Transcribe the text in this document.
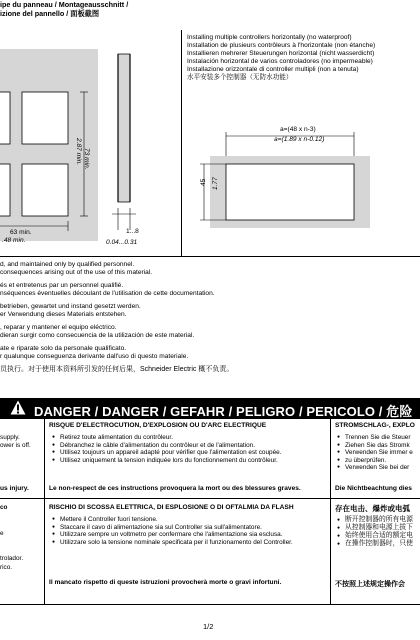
ipe du panneau / Montageausschnitt /
izione del pannello / 面板截图
73 min.
2.87 min.
63 min.
.48 min.
1...8
0.04...0.31
Installing multiple controllers horizontally (no waterproof)
Installation de plusieurs contrôleurs à l'horizontale (non étanche)
Installieren mehrerer Steuerungen horizontal (nicht wasserdicht)
Instalación horizontal de varios controladores (no impermeable)
Installazione orizzontale di controller multipli (non a tenuta)
水平安装多个控制器（无防水功能）
a=(48 x n-3)
a=(1.89 x n-0.12)
45 1.77
d, and maintained only by qualified personnel.
consequences arising out of the use of this material.
és et entretenus par un personnel qualifié.
nséquences éventuelles découlant de l'utilisation de cette documentation.
betrieben, gewartet und instand gesetzt werden.
er Verwendung dieses Materials entstehen.
, reparar y mantener el equipo eléctrico.
dieran surgir como consecuencia de la utilización de este material.
ate e riparate solo da personale qualificato.
r qualunque conseguenza derivante dall'uso di questo materiale.
员执行。对于使用本资料所引发的任何后果，Schneider Electric 概不负责。
DANGER / DANGER / GEFAHR / PELIGRO / PERICOLO / 危险
supply.
ower is off.
us injury.
RISQUE D'ELECTROCUTION, D'EXPLOSION OU D'ARC ELECTRIQUE
● Retirez toute alimentation du contrôleur.
● Débranchez le câble d'alimentation du contrôleur et de l'alimentation.
● Utilisez toujours un appareil adapté pour vérifier que l'alimentation est coupée.
● Utilisez uniquement la tension indiquée lors du fonctionnement du contrôleur.
Le non-respect de ces instructions provoquera la mort ou des blessures graves.
STROMSCHLAG-, EXPLO
● Trennen Sie die Steuer
● Ziehen Sie das Stromk
● Verwenden Sie immer e
● zu überprüfen.
● Verwenden Sie bei der
Die Nichtbeachtung dies
co
e
trolador.
rico.
RISCHIO DI SCOSSA ELETTRICA, DI ESPLOSIONE O DI OFTALMIA DA FLASH
● Mettere il Controller fuori tensione.
● Staccare il cavo di alimentazione sia sul Controller sia sull'alimentatore.
● Utilizzare sempre un voltmetro per confermare che l'alimentazione sia esclusa.
● Utilizzare solo la tensione nominale specificata per il funzionamento del Controller.
Il mancato rispetto di queste istruzioni provocherà morte o gravi infortuni.
存在电击、爆炸或电弧
● 断开控制器的所有电源
● 从控制器和电源上拔下
● 始终使用合适的额定电
● 在操作控制器时，只使
不按照上述规定操作会
1/2
